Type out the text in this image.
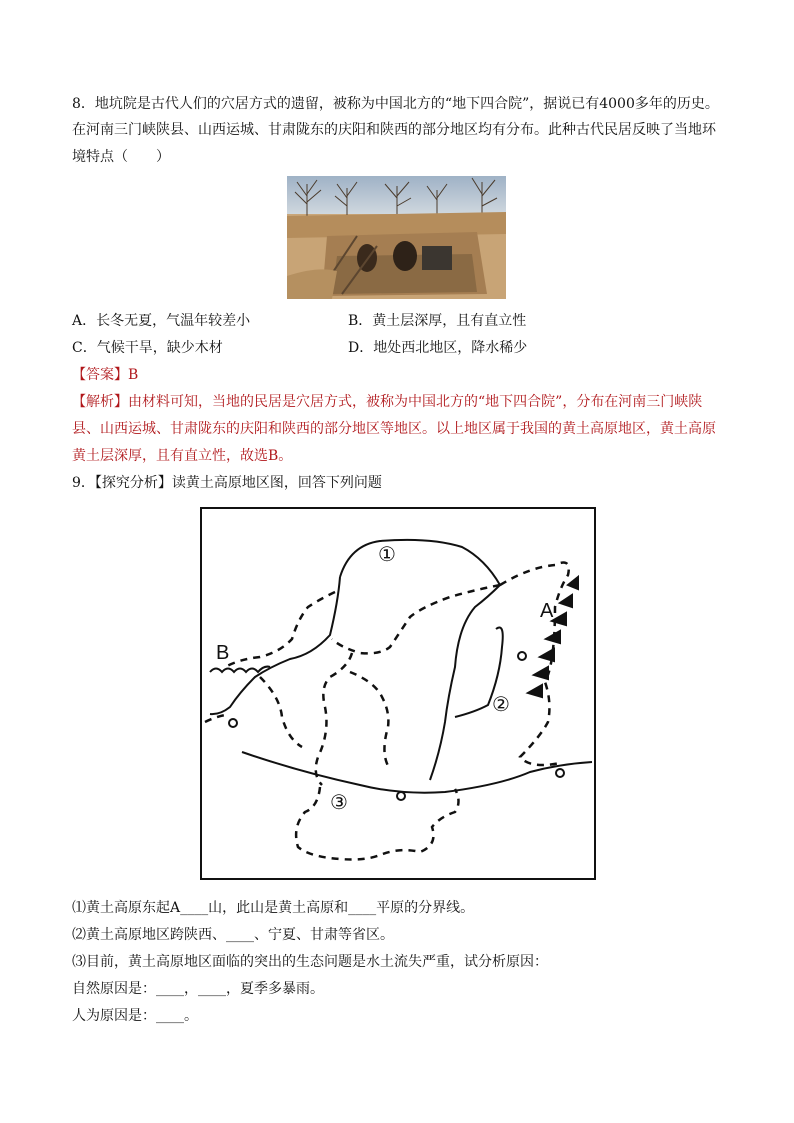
8．地坑院是古代人们的穴居方式的遗留，被称为中国北方的“地下四合院”，据说已有4000多年的历史。
在河南三门峡陕县、山西运城、甘肃陇东的庆阳和陕西的部分地区均有分布。此种古代民居反映了当地环
境特点（　　）
A．长冬无夏，气温年较差小	B．黄土层深厚，且有直立性
C．气候干旱，缺少木材	D．地处西北地区，降水稀少
【答案】B
【解析】由材料可知，当地的民居是穴居方式，被称为中国北方的“地下四合院”，分布在河南三门峡陕
县、山西运城、甘肃陇东的庆阳和陕西的部分地区等地区。以上地区属于我国的黄土高原地区，黄土高原
黄土层深厚，且有直立性，故选B。
9．【探究分析】读黄土高原地区图，回答下列问题
A
B
①
②
③
⑴黄土高原东起A____山，此山是黄土高原和____平原的分界线。
⑵黄土高原地区跨陕西、____、宁夏、甘肃等省区。
⑶目前，黄土高原地区面临的突出的生态问题是水土流失严重，试分析原因：
自然原因是：____，____，夏季多暴雨。
人为原因是：____。
